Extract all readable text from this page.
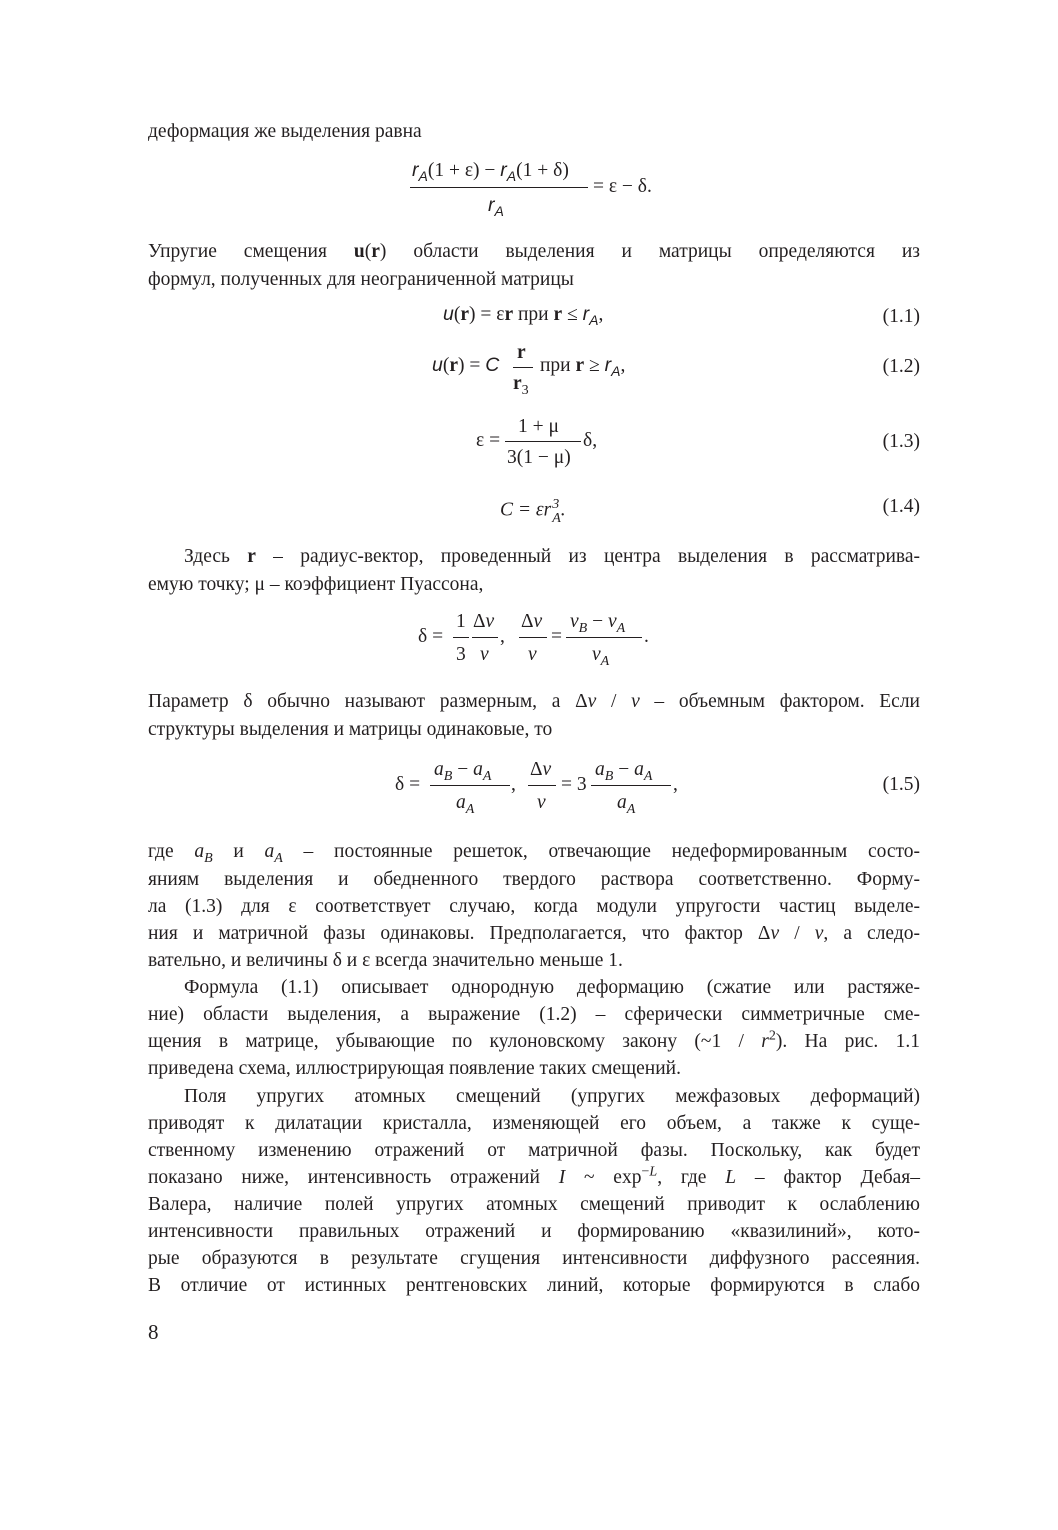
деформация же выделения равна
$r_A(1 + \varepsilon) - r_A(1 + \delta)$
$r_A$
= ε − δ.
Упругие смещения u(r) области выделения и матрицы определяются из
формул, полученных для неограниченной матрицы
u(r) = εr при $r \le r_A$,	(1.1)
u(r) = C
r
$r_3$
при $r \ge r_A$,	(1.2)
ε =
1 + μ
3(1 − μ)
δ,	(1.3)
C = εr 3
A .	(1.4)
Здесь r – радиус-вектор, проведенный из центра выделения в рассматрива-
емую точку; μ – коэффициент Пуассона,
δ =
1
3
Δv
v
,
Δv
v
=
$v_B - v_A$
$v_A$
.
Параметр δ обычно называют размерным, а Δv / v – объемным фактором. Если
структуры выделения и матрицы одинаковые, то
δ =
$a_B - a_A$
$a_A$
,
Δv
v
= 3
$a_B - a_A$
$a_A$
,	(1.5)
где $a_B$ и $a_A$ – постоянные решеток, отвечающие недеформированным состо-
яниям выделения и обедненного твердого раствора соответственно. Форму-
ла (1.3) для ε соответствует случаю, когда модули упругости частиц выделе-
ния и матричной фазы одинаковы. Предполагается, что фактор Δv / v, а следо-
вательно, и величины δ и ε всегда значительно меньше 1.
Формула (1.1) описывает однородную деформацию (сжатие или растяже-
ние) области выделения, а выражение (1.2) – сферически симметричные сме-
щения в матрице, убывающие по кулоновскому закону (~1 / $r^2$). На рис. 1.1
приведена схема, иллюстрирующая появление таких смещений.
Поля упругих атомных смещений (упругих межфазовых деформаций)
приводят к дилатации кристалла, изменяющей его объем, а также к суще-
ственному изменению отражений от матричной фазы. Поскольку, как будет
показано ниже, интенсивность отражений I ~ $\exp^{-L}$, где L – фактор Дебая–
Валера, наличие полей упругих атомных смещений приводит к ослаблению
интенсивности правильных отражений и формированию «квазилиний», кото-
рые образуются в результате сгущения интенсивности диффузного рассеяния.
В отличие от истинных рентгеновских линий, которые формируются в слабо
8
